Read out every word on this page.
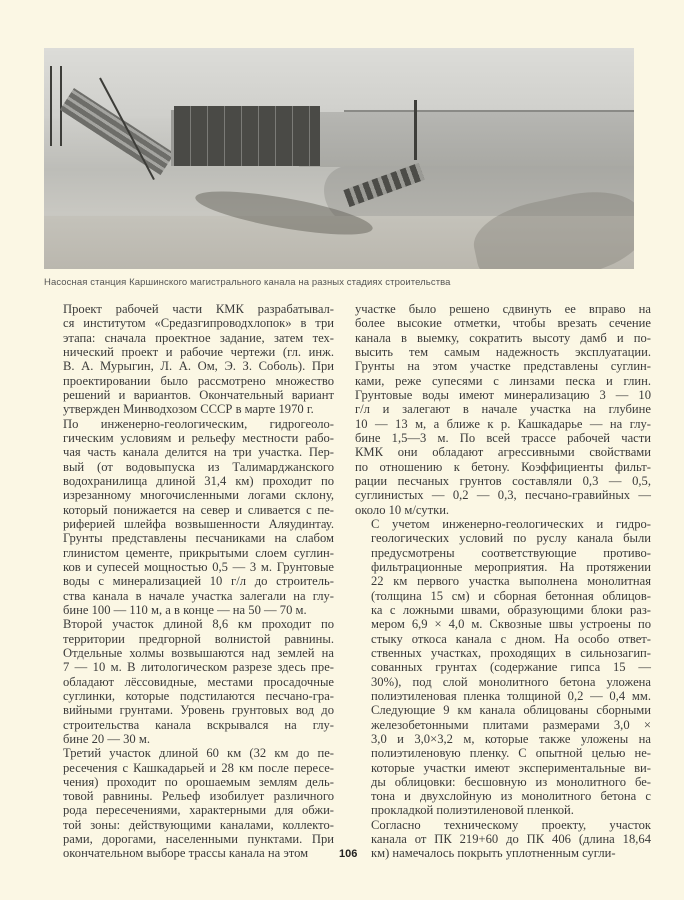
Насосная станция Каршинского магистрального канала на разных стадиях строительства

Проект рабочей части КМК разрабатывал-
ся институтом «Средазгипроводхлопок» в три
этапа: сначала проектное задание, затем тех-
нический проект и рабочие чертежи (гл. инж.
В. А. Мурыгин, Л. А. Ом, Э. З. Соболь). При
проектировании было рассмотрено множество
решений и вариантов. Окончательный вариант
утвержден Минводхозом СССР в марте 1970 г.

По инженерно-геологическим, гидрогеоло-
гическим условиям и рельефу местности рабо-
чая часть канала делится на три участка. Пер-
вый (от водовыпуска из Талимарджанского
водохранилища длиной 31,4 км) проходит по
изрезанному многочисленными логами склону,
который понижается на север и сливается с пе-
риферией шлейфа возвышенности Аляудинтау.
Грунты представлены песчаниками на слабом
глинистом цементе, прикрытыми слоем суглин-
ков и супесей мощностью 0,5 — 3 м. Грунтовые
воды с минерализацией 10 г/л до строитель-
ства канала в начале участка залегали на глу-
бине 100 — 110 м, а в конце — на 50 — 70 м.

Второй участок длиной 8,6 км проходит по
территории предгорной волнистой равнины.
Отдельные холмы возвышаются над землей на
7 — 10 м. В литологическом разрезе здесь пре-
обладают лёссовидные, местами просадочные
суглинки, которые подстилаются песчано-гра-
вийными грунтами. Уровень грунтовых вод до
строительства канала вскрывался на глу-
бине 20 — 30 м.

Третий участок длиной 60 км (32 км до пе-
ресечения с Кашкадарьей и 28 км после пересе-
чения) проходит по орошаемым землям дель-
товой равнины. Рельеф изобилует различного
рода пересечениями, характерными для обжи-
той зоны: действующими каналами, коллекто-
рами, дорогами, населенными пунктами. При
окончательном выборе трассы канала на этом

участке было решено сдвинуть ее вправо на
более высокие отметки, чтобы врезать сечение
канала в выемку, сократить высоту дамб и по-
высить тем самым надежность эксплуатации.
Грунты на этом участке представлены суглин-
ками, реже супесями с линзами песка и глин.
Грунтовые воды имеют минерализацию 3 — 10
г/л и залегают в начале участка на глубине
10 — 13 м, а ближе к р. Кашкадарье — на глу-
бине 1,5—3 м. По всей трассе рабочей части
КМК они обладают агрессивными свойствами
по отношению к бетону. Коэффициенты фильт-
рации песчаных грунтов составляли 0,3 — 0,5,
суглинистых — 0,2 — 0,3, песчано-гравийных —
около 10 м/сутки.

С учетом инженерно-геологических и гидро-
геологических условий по руслу канала были
предусмотрены соответствующие противо-
фильтрационные мероприятия. На протяжении
22 км первого участка выполнена монолитная
(толщина 15 см) и сборная бетонная облицов-
ка с ложными швами, образующими блоки раз-
мером 6,9 × 4,0 м. Сквозные швы устроены по
стыку откоса канала с дном. На особо ответ-
ственных участках, проходящих в сильнозагип-
сованных грунтах (содержание гипса 15 —
30%), под слой монолитного бетона уложена
полиэтиленовая пленка толщиной 0,2 — 0,4 мм.
Следующие 9 км канала облицованы сборными
железобетонными плитами размерами 3,0 ×
3,0 и 3,0×3,2 м, которые также уложены на
полиэтиленовую пленку. С опытной целью не-
которые участки имеют экспериментальные ви-
ды облицовки: бесшовную из монолитного бе-
тона и двухслойную из монолитного бетона с
прокладкой полиэтиленовой пленкой.

Согласно техническому проекту, участок
канала от ПК 219+60 до ПК 406 (длина 18,64
км) намечалось покрыть уплотненным сугли-

106
